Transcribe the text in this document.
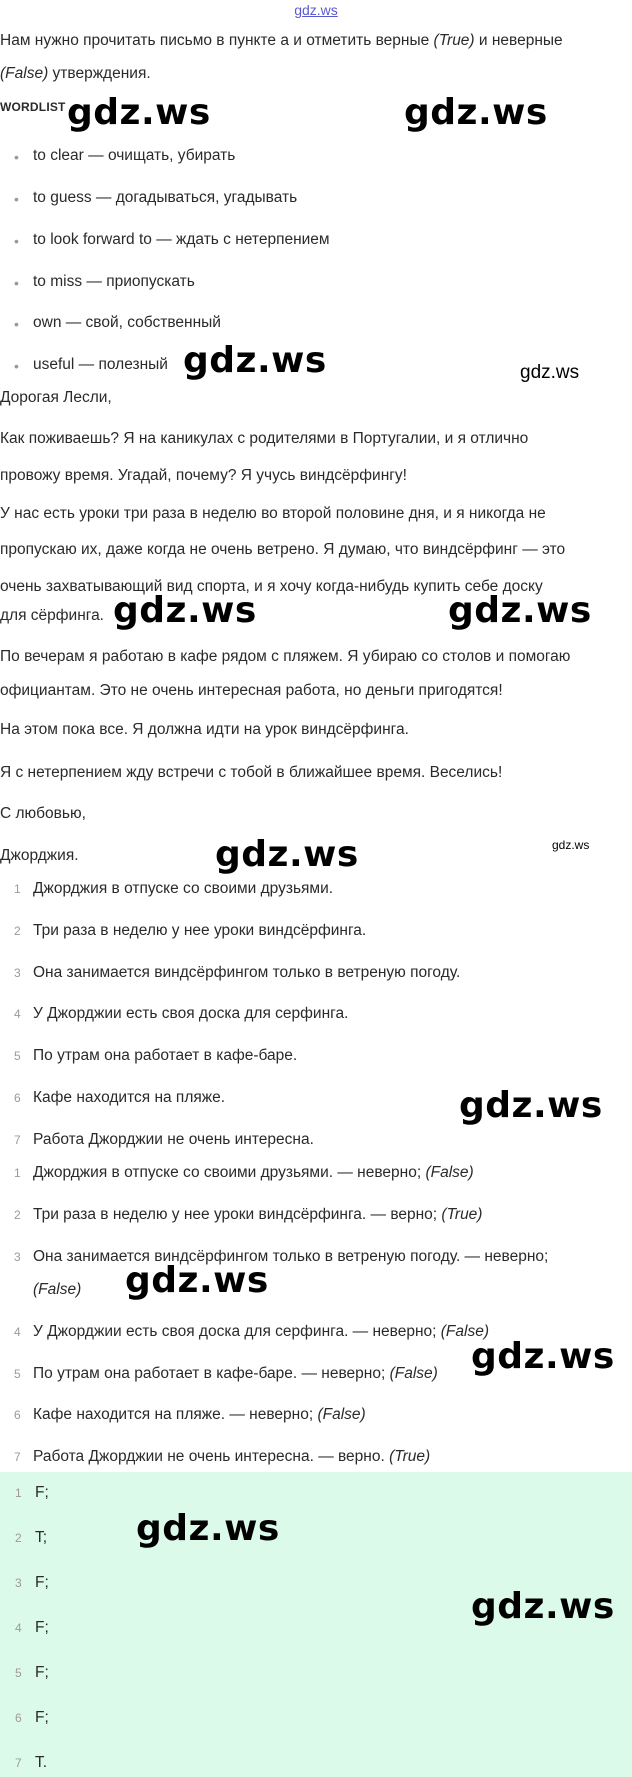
gdz.ws
Нам нужно прочитать письмо в пункте а и отметить верные (True) и неверные
(False) утверждения.
WORDLIST
• to clear — очищать, убирать
• to guess — догадываться, угадывать
• to look forward to — ждать с нетерпением
• to miss — приопускать
• own — свой, собственный
• useful — полезный
Дорогая Лесли,
Как поживаешь? Я на каникулах с родителями в Португалии, и я отлично
провожу время. Угадай, почему? Я учусь виндсёрфингу!
У нас есть уроки три раза в неделю во второй половине дня, и я никогда не
пропускаю их, даже когда не очень ветрено. Я думаю, что виндсёрфинг — это
очень захватывающий вид спорта, и я хочу когда-нибудь купить себе доску
для сёрфинга.
По вечерам я работаю в кафе рядом с пляжем. Я убираю со столов и помогаю
официантам. Это не очень интересная работа, но деньги пригодятся!
На этом пока все. Я должна идти на урок виндсёрфинга.
Я с нетерпением жду встречи с тобой в ближайшее время. Веселись!
С любовью,
Джорджия.
1 Джорджия в отпуске со своими друзьями.
2 Три раза в неделю у нее уроки виндсёрфинга.
3 Она занимается виндсёрфингом только в ветреную погоду.
4 У Джорджии есть своя доска для серфинга.
5 По утрам она работает в кафе-баре.
6 Кафе находится на пляже.
7 Работа Джорджии не очень интересна.
1 Джорджия в отпуске со своими друзьями. — неверно; (False)
2 Три раза в неделю у нее уроки виндсёрфинга. — верно; (True)
3 Она занимается виндсёрфингом только в ветреную погоду. — неверно;
(False)
4 У Джорджии есть своя доска для серфинга. — неверно; (False)
5 По утрам она работает в кафе-баре. — неверно; (False)
6 Кафе находится на пляже. — неверно; (False)
7 Работа Джорджии не очень интересна. — верно. (True)
1 F;
2 T;
3 F;
4 F;
5 F;
6 F;
7 T.
gdz.ws	gdz.ws
gdz.ws	gdz.ws
gdz.ws	gdz.ws
gdz.ws	gdz.ws
gdz.ws
gdz.ws
gdz.ws
gdz.ws
gdz.ws
